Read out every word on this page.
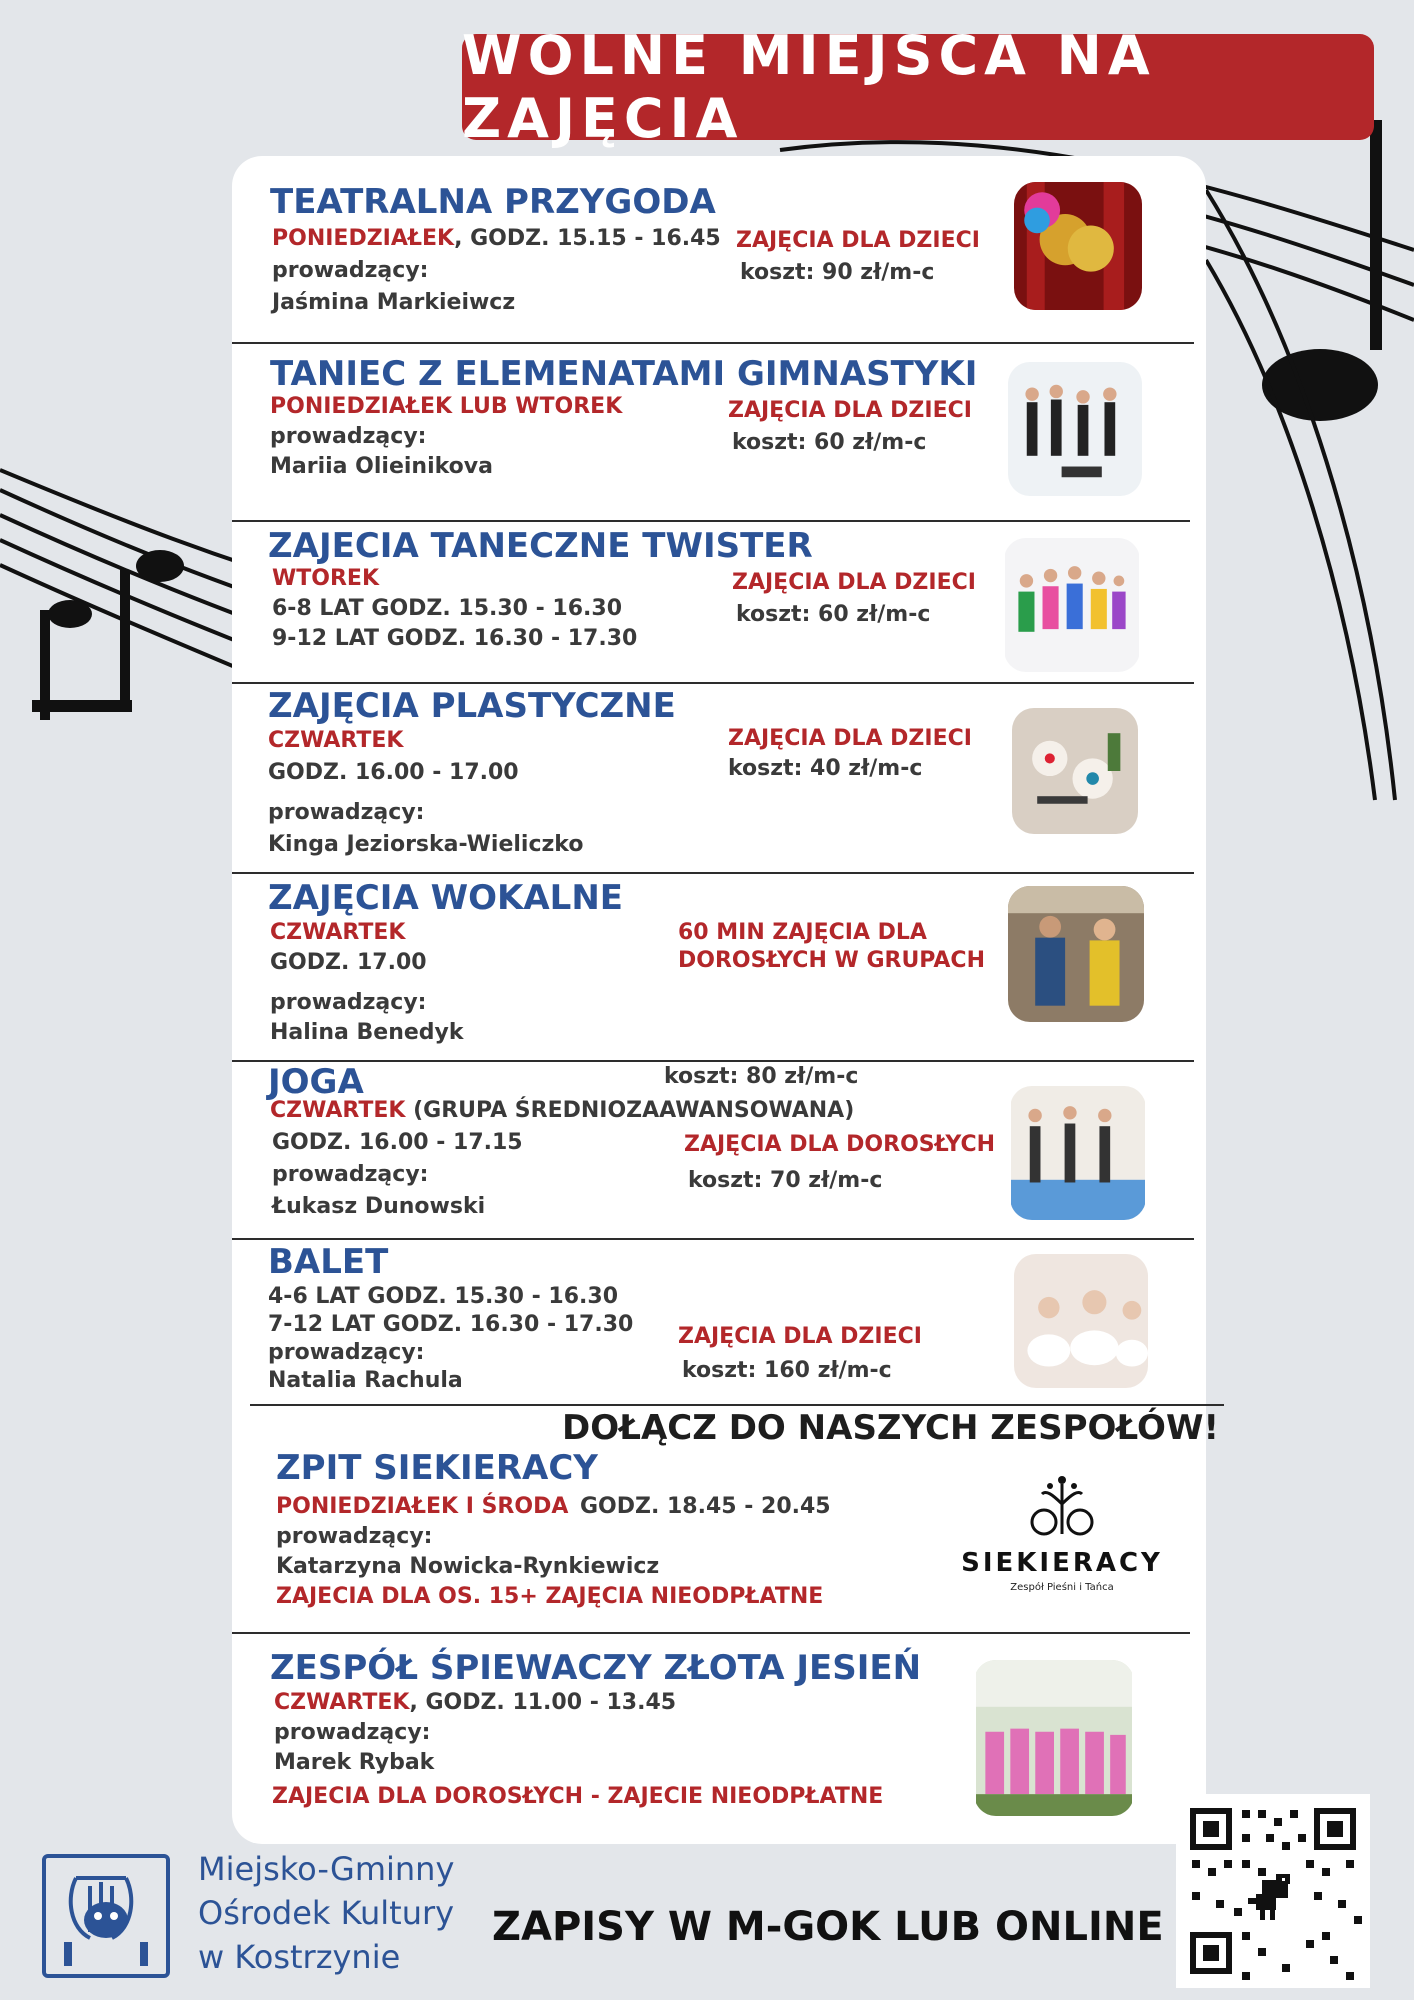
WOLNE MIEJSCA NA ZAJĘCIA
TEATRALNA PRZYGODA
PONIEDZIAŁEK, GODZ. 15.15 - 16.45
prowadzący:
Jaśmina Markieiwcz
ZAJĘCIA DLA DZIECI
koszt: 90 zł/m-c
TANIEC Z ELEMENATAMI GIMNASTYKI
PONIEDZIAŁEK LUB WTOREK
prowadzący:
Mariia Olieinikova
ZAJĘCIA DLA DZIECI
koszt: 60 zł/m-c
ZAJECIA TANECZNE TWISTER
WTOREK
6-8 LAT GODZ. 15.30 - 16.30
9-12 LAT GODZ. 16.30 - 17.30
ZAJĘCIA DLA DZIECI
koszt: 60 zł/m-c
ZAJĘCIA PLASTYCZNE
CZWARTEK
GODZ. 16.00 - 17.00
prowadzący:
Kinga Jeziorska-Wieliczko
ZAJĘCIA DLA DZIECI
koszt: 40 zł/m-c
ZAJĘCIA WOKALNE
CZWARTEK
GODZ. 17.00
prowadzący:
Halina Benedyk
60 MIN ZAJĘCIA DLA
DOROSŁYCH W GRUPACH
JOGA	koszt: 80 zł/m-c
CZWARTEK (GRUPA ŚREDNIOZAAWANSOWANA)
GODZ. 16.00 - 17.15
prowadzący:
Łukasz Dunowski
ZAJĘCIA DLA DOROSŁYCH
koszt: 70 zł/m-c
BALET
4-6 LAT GODZ. 15.30 - 16.30
7-12 LAT GODZ. 16.30 - 17.30
prowadzący:
Natalia Rachula
ZAJĘCIA DLA DZIECI
koszt: 160 zł/m-c
DOŁĄCZ DO NASZYCH ZESPOŁÓW!
ZPIT SIEKIERACY
PONIEDZIAŁEK I ŚRODA GODZ. 18.45 - 20.45
prowadzący:
Katarzyna Nowicka-Rynkiewicz
ZAJECIA DLA OS. 15+ ZAJĘCIA NIEODPŁATNE
SIEKIERACY
Zespół Pieśni i Tańca
ZESPÓŁ ŚPIEWACZY ZŁOTA JESIEŃ
CZWARTEK, GODZ. 11.00 - 13.45
prowadzący:
Marek Rybak
ZAJECIA DLA DOROSŁYCH - ZAJECIE NIEODPŁATNE
Miejsko-Gminny
Ośrodek Kultury
w Kostrzynie
ZAPISY W M-GOK LUB ONLINE
